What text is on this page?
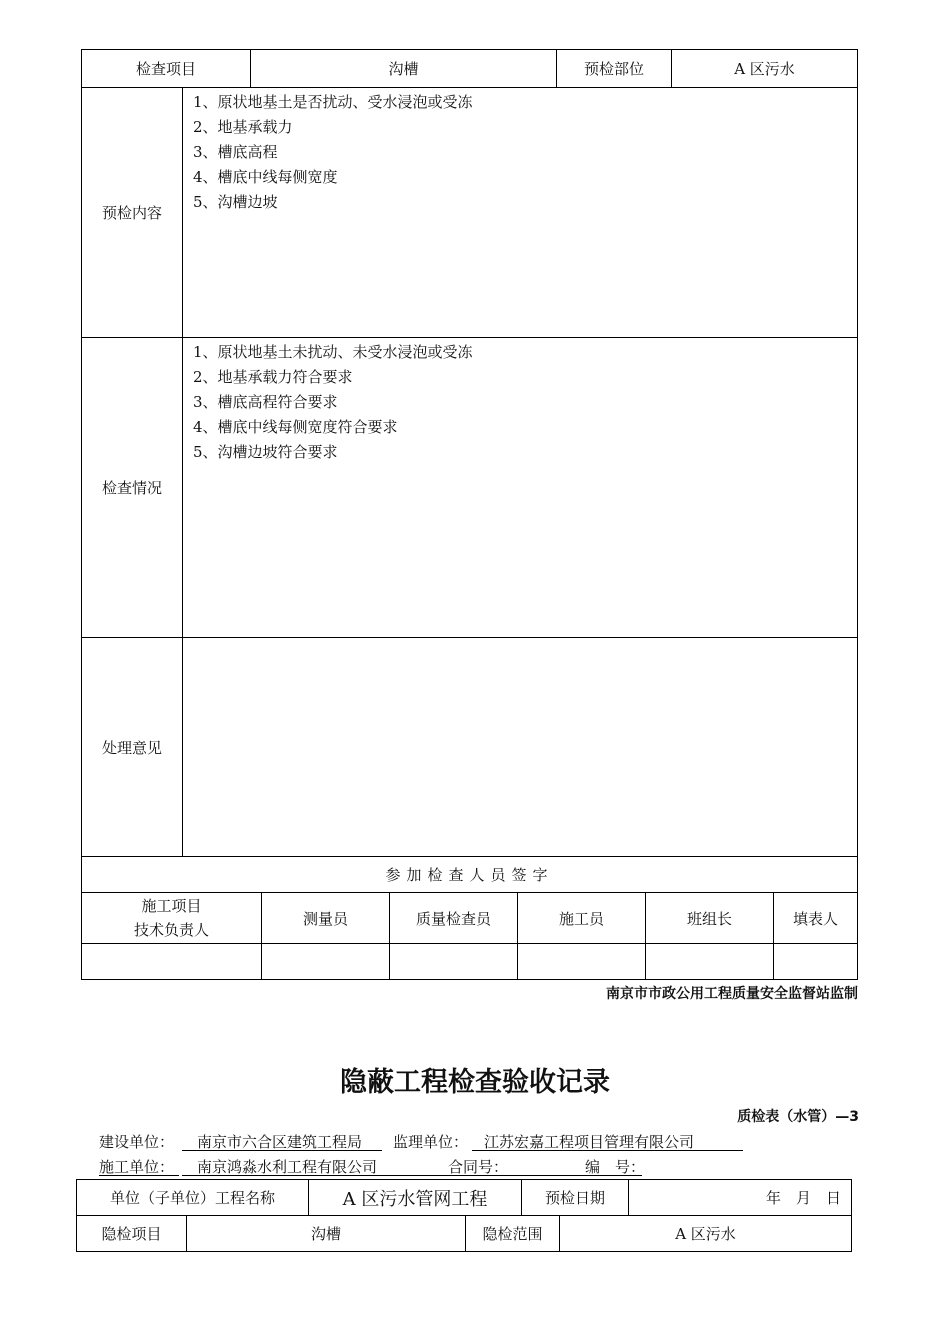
检查项目	沟槽	预检部位	A 区污水
预检内容
1、原状地基土是否扰动、受水浸泡或受冻
2、地基承载力
3、槽底高程
4、槽底中线每侧宽度
5、沟槽边坡
检查情况
1、原状地基土未扰动、未受水浸泡或受冻
2、地基承载力符合要求
3、槽底高程符合要求
4、槽底中线每侧宽度符合要求
5、沟槽边坡符合要求
处理意见
参加检查人员签字
施工项目
技术负责人
测量员	质量检查员	施工员	班组长	填表人
南京市市政公用工程质量安全监督站监制
隐蔽工程检查验收记录
质检表（水管）—3
建设单位： 南京市六合区建筑工程局 监理单位： 江苏宏嘉工程项目管理有限公司
施工单位： 南京鸿淼水利工程有限公司	合同号：	编　号：
单位（子单位）工程名称	A 区污水管网工程	预检日期	年　月　日
隐检项目	沟槽	隐检范围	A 区污水
